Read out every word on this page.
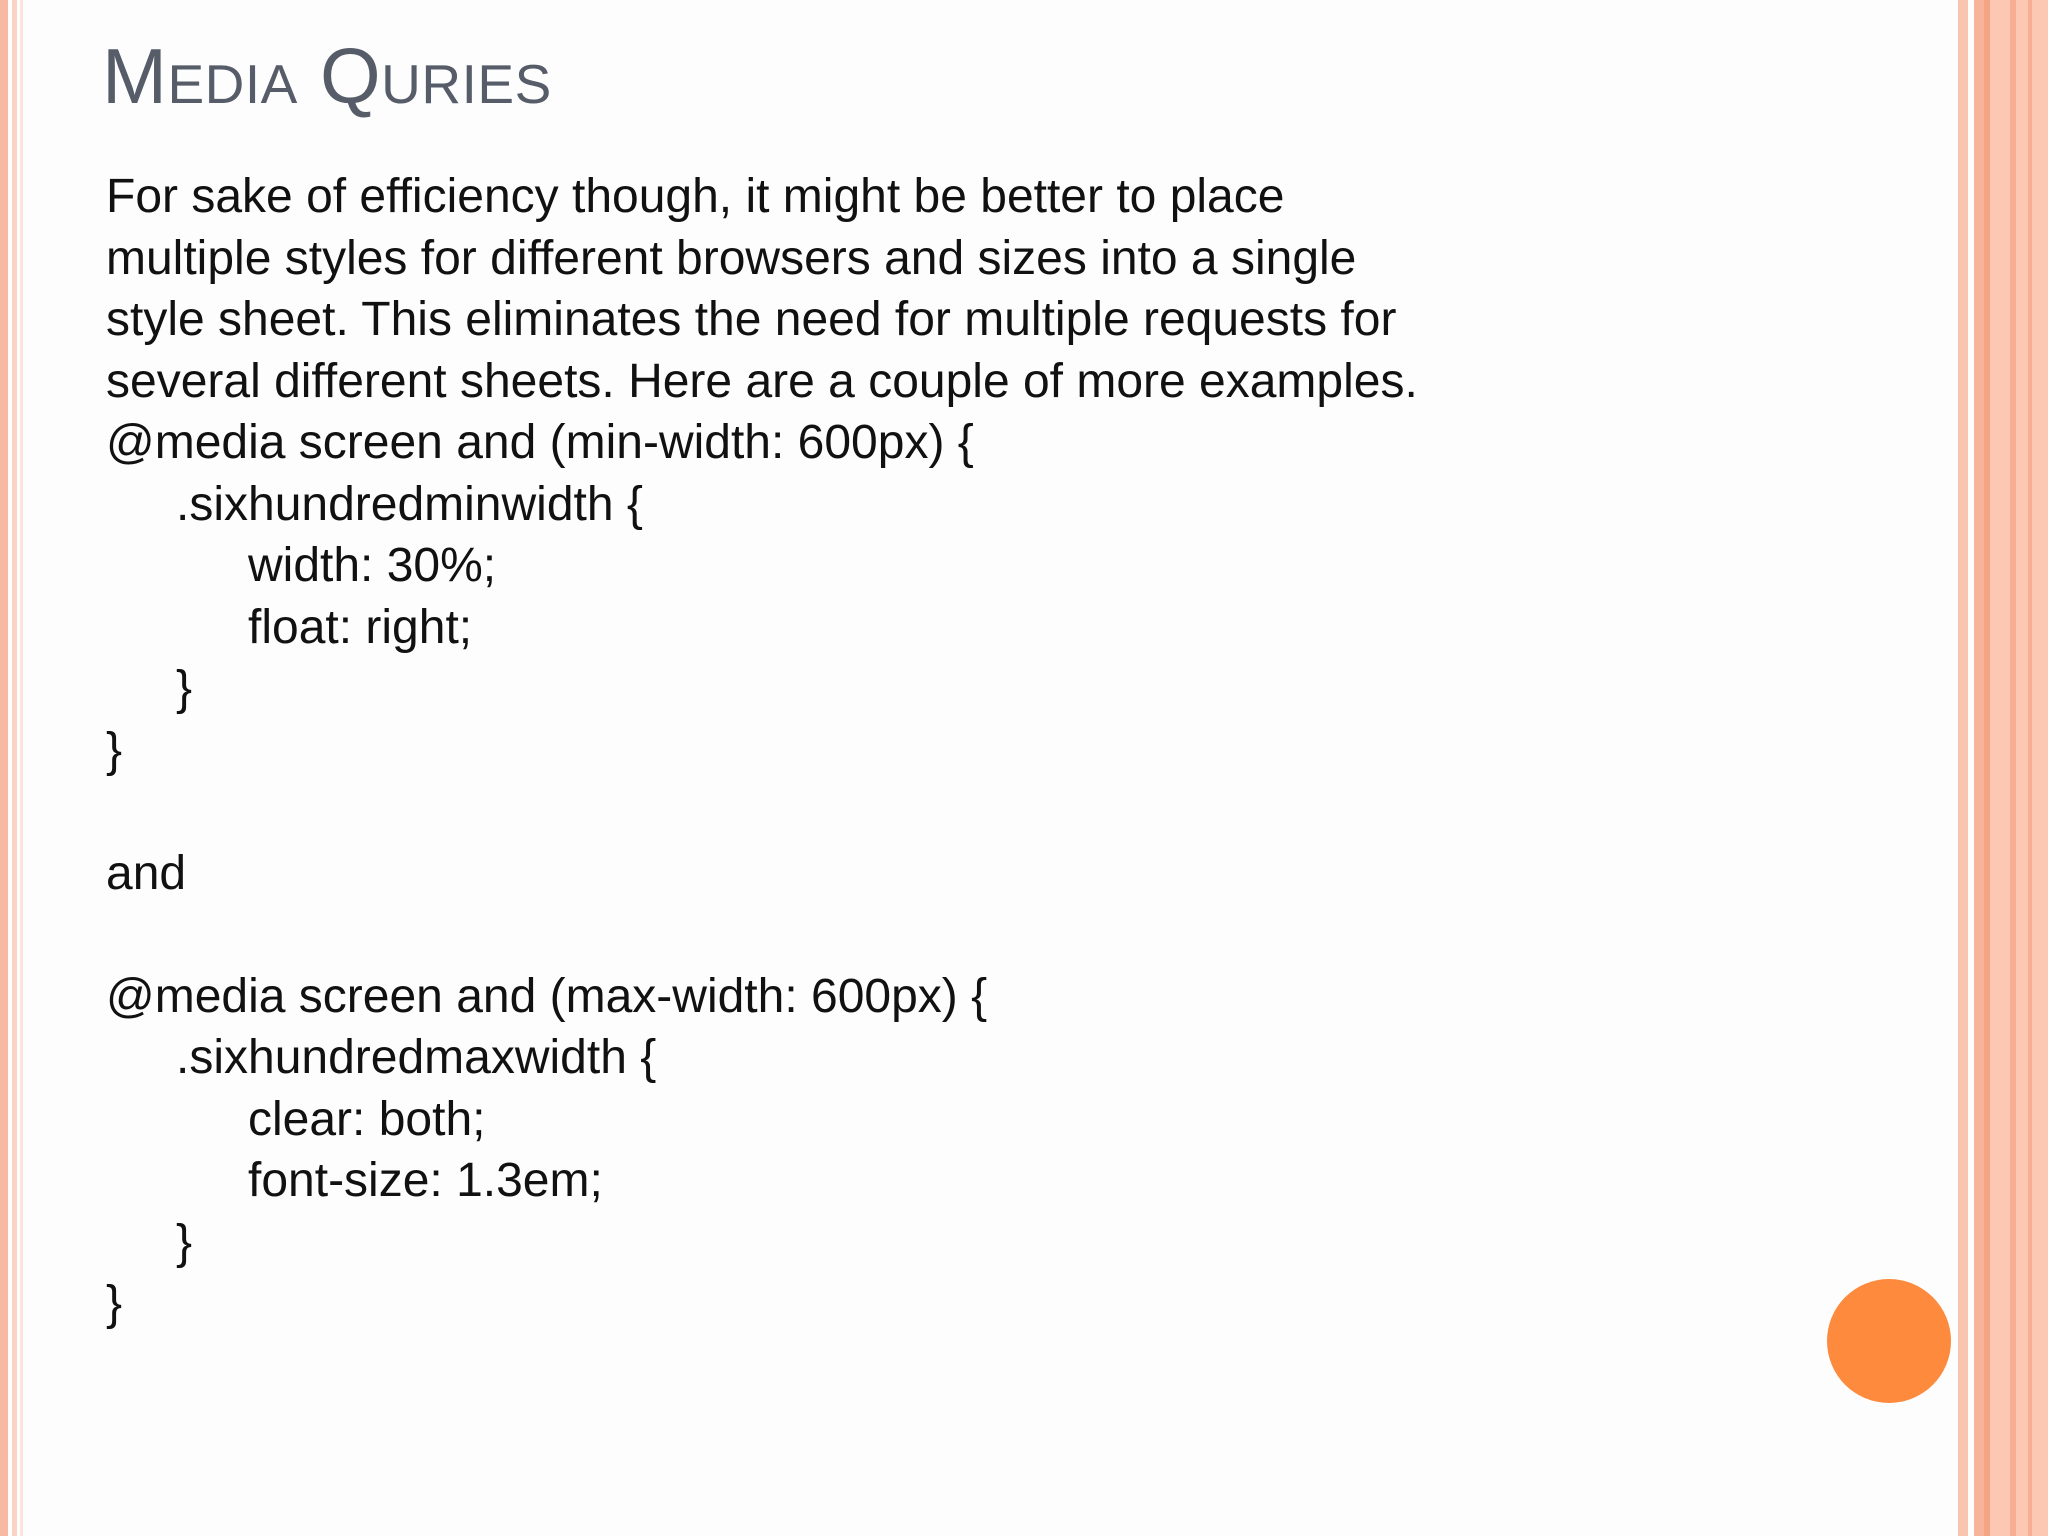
Media Quries
For sake of efficiency though, it might be better to place
multiple styles for different browsers and sizes into a single
style sheet. This eliminates the need for multiple requests for
several different sheets. Here are a couple of more examples.
@media screen and (min-width: 600px) {
.sixhundredminwidth {
width: 30%;
float: right;
}
}
and
@media screen and (max-width: 600px) {
.sixhundredmaxwidth {
clear: both;
font-size: 1.3em;
}
}
